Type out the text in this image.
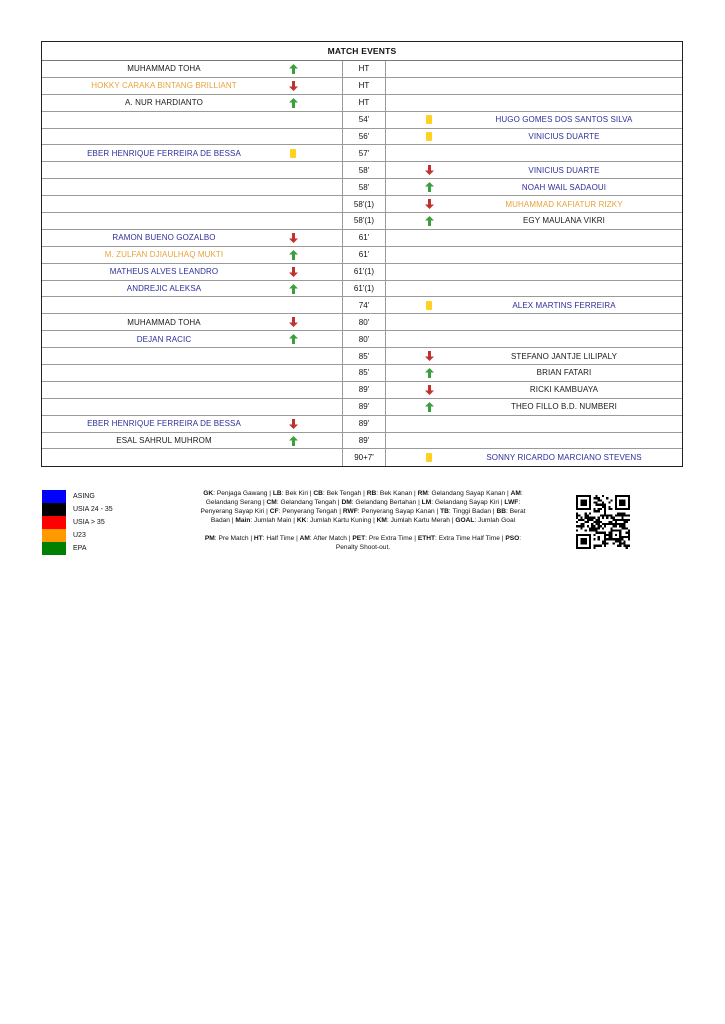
MATCH EVENTS
MUHAMMAD TOHA	HT
HOKKY CARAKA BINTANG BRILLIANT	HT
A. NUR HARDIANTO	HT
54'	HUGO GOMES DOS SANTOS SILVA
56'	VINICIUS DUARTE
EBER HENRIQUE FERREIRA DE BESSA	57'
58'	VINICIUS DUARTE
58'	NOAH WAIL SADAOUI
58'(1)	MUHAMMAD KAFIATUR RIZKY
58'(1)	EGY MAULANA VIKRI
RAMON BUENO GOZALBO	61'
M. ZULFAN DJIAULHAQ MUKTI	61'
MATHEUS ALVES LEANDRO	61'(1)
ANDREJIC ALEKSA	61'(1)
74'	ALEX MARTINS FERREIRA
MUHAMMAD TOHA	80'
DEJAN RACIC	80'
85'	STEFANO JANTJE LILIPALY
85'	BRIAN FATARI
89'	RICKI KAMBUAYA
89'	THEO FILLO B.D. NUMBERI
EBER HENRIQUE FERREIRA DE BESSA	89'
ESAL SAHRUL MUHROM	89'
90+7'	SONNY RICARDO MARCIANO STEVENS
ASING
USIA 24 - 35
USIA > 35
U23
EPA

GK: Penjaga Gawang | LB: Bek Kiri | CB: Bek Tengah | RB: Bek Kanan | RM: Gelandang Sayap Kanan | AM: Gelandang Serang | CM: Gelandang Tengah | DM: Gelandang Bertahan | LM: Gelandang Sayap Kiri | LWF: Penyerang Sayap Kiri | CF: Penyerang Tengah | RWF: Penyerang Sayap Kanan | TB: Tinggi Badan | BB: Berat Badan | Main: Jumlah Main | KK: Jumlah Kartu Kuning | KM: Jumlah Kartu Merah | GOAL: Jumlah Goal

PM: Pre Match | HT: Half Time | AM: After Match | PET: Pre Extra Time | ETHT: Extra Time Half Time | PSO: Penalty Shoot-out.
